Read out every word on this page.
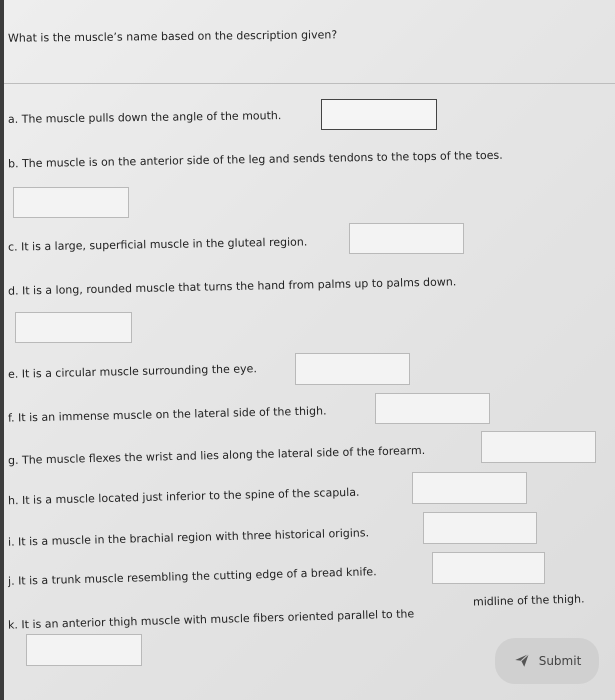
What is the muscle’s name based on the description given?
a. The muscle pulls down the angle of the mouth.
b. The muscle is on the anterior side of the leg and sends tendons to the tops of the toes.
c. It is a large, superficial muscle in the gluteal region.
d. It is a long, rounded muscle that turns the hand from palms up to palms down.
e. It is a circular muscle surrounding the eye.
f. It is an immense muscle on the lateral side of the thigh.
g. The muscle flexes the wrist and lies along the lateral side of the forearm.
h. It is a muscle located just inferior to the spine of the scapula.
i. It is a muscle in the brachial region with three historical origins.
j. It is a trunk muscle resembling the cutting edge of a bread knife.
k. It is an anterior thigh muscle with muscle fibers oriented parallel to the
midline of the thigh.
Submit
